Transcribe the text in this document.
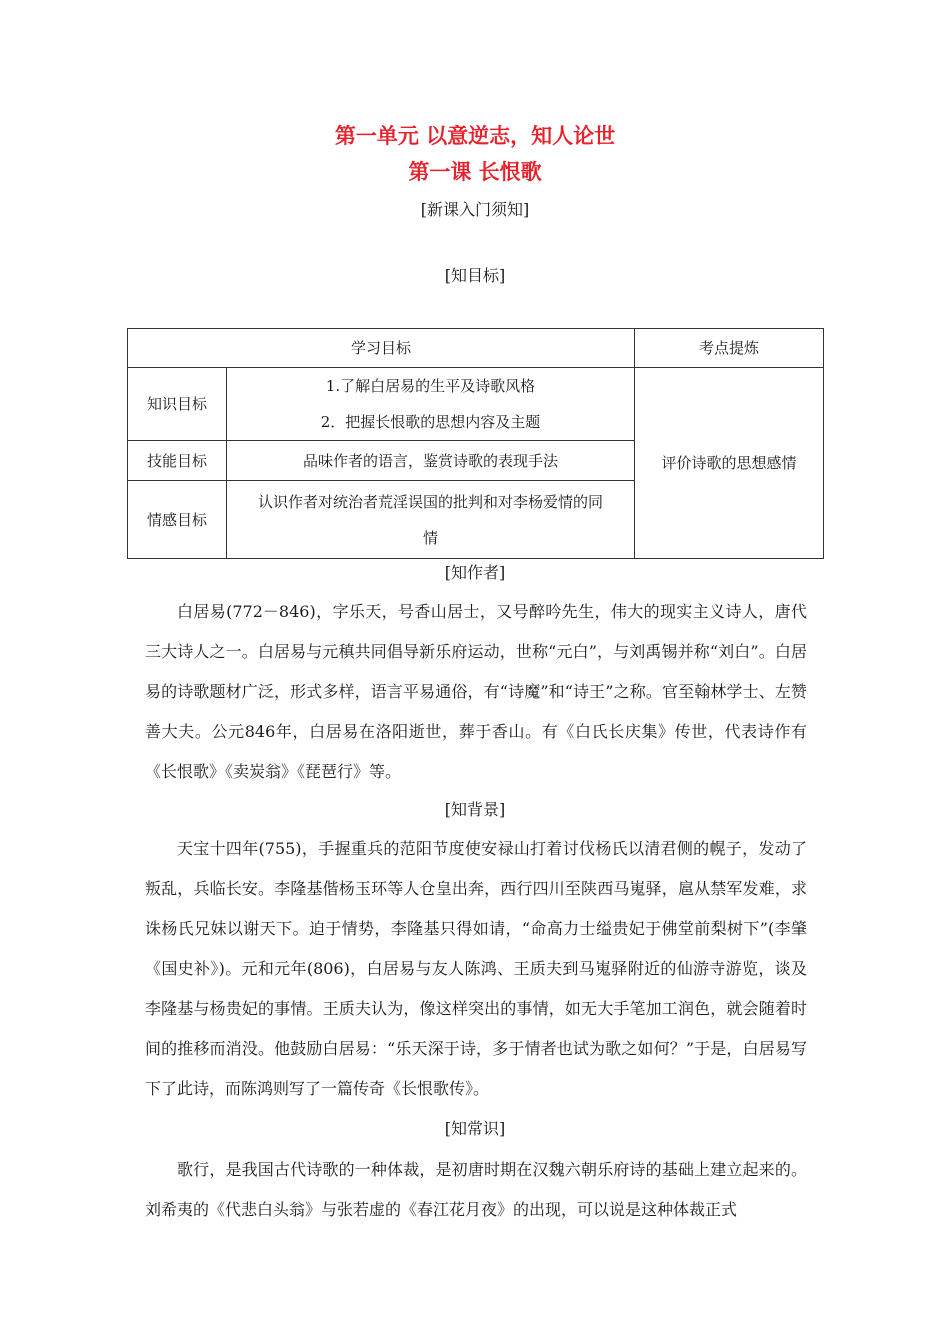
第一单元 以意逆志，知人论世
第一课 长恨歌
[新课入门须知]
[知目标]
学习目标		考点提炼
知识目标	1.了解白居易的生平及诗歌风格
2．把握长恨歌的思想内容及主题	评价诗歌的思想感情
技能目标	品味作者的语言，鉴赏诗歌的表现手法	
情感目标	认识作者对统治者荒淫误国的批判和对李杨爱情的同
情	
[知作者]

白居易(772－846)，字乐天，号香山居士，又号醉吟先生，伟大的现实主义诗人，唐代三大诗人之一。白居易与元稹共同倡导新乐府运动，世称“元白”，与刘禹锡并称“刘白”。白居易的诗歌题材广泛，形式多样，语言平易通俗，有“诗魔”和“诗王”之称。官至翰林学士、左赞善大夫。公元846年，白居易在洛阳逝世，葬于香山。有《白氏长庆集》传世，代表诗作有《长恨歌》《卖炭翁》《琵琶行》等。

[知背景]

天宝十四年(755)，手握重兵的范阳节度使安禄山打着讨伐杨氏以清君侧的幌子，发动了叛乱，兵临长安。李隆基偕杨玉环等人仓皇出奔，西行四川至陕西马嵬驿，扈从禁军发难，求诛杨氏兄妹以谢天下。迫于情势，李隆基只得如请，“命高力士缢贵妃于佛堂前梨树下”(李肇《国史补》)。元和元年(806)，白居易与友人陈鸿、王质夫到马嵬驿附近的仙游寺游览，谈及李隆基与杨贵妃的事情。王质夫认为，像这样突出的事情，如无大手笔加工润色，就会随着时间的推移而消没。他鼓励白居易：“乐天深于诗，多于情者也试为歌之如何？”于是，白居易写下了此诗，而陈鸿则写了一篇传奇《长恨歌传》。

[知常识]

歌行，是我国古代诗歌的一种体裁，是初唐时期在汉魏六朝乐府诗的基础上建立起来的。刘希夷的《代悲白头翁》与张若虚的《春江花月夜》的出现，可以说是这种体裁正式
